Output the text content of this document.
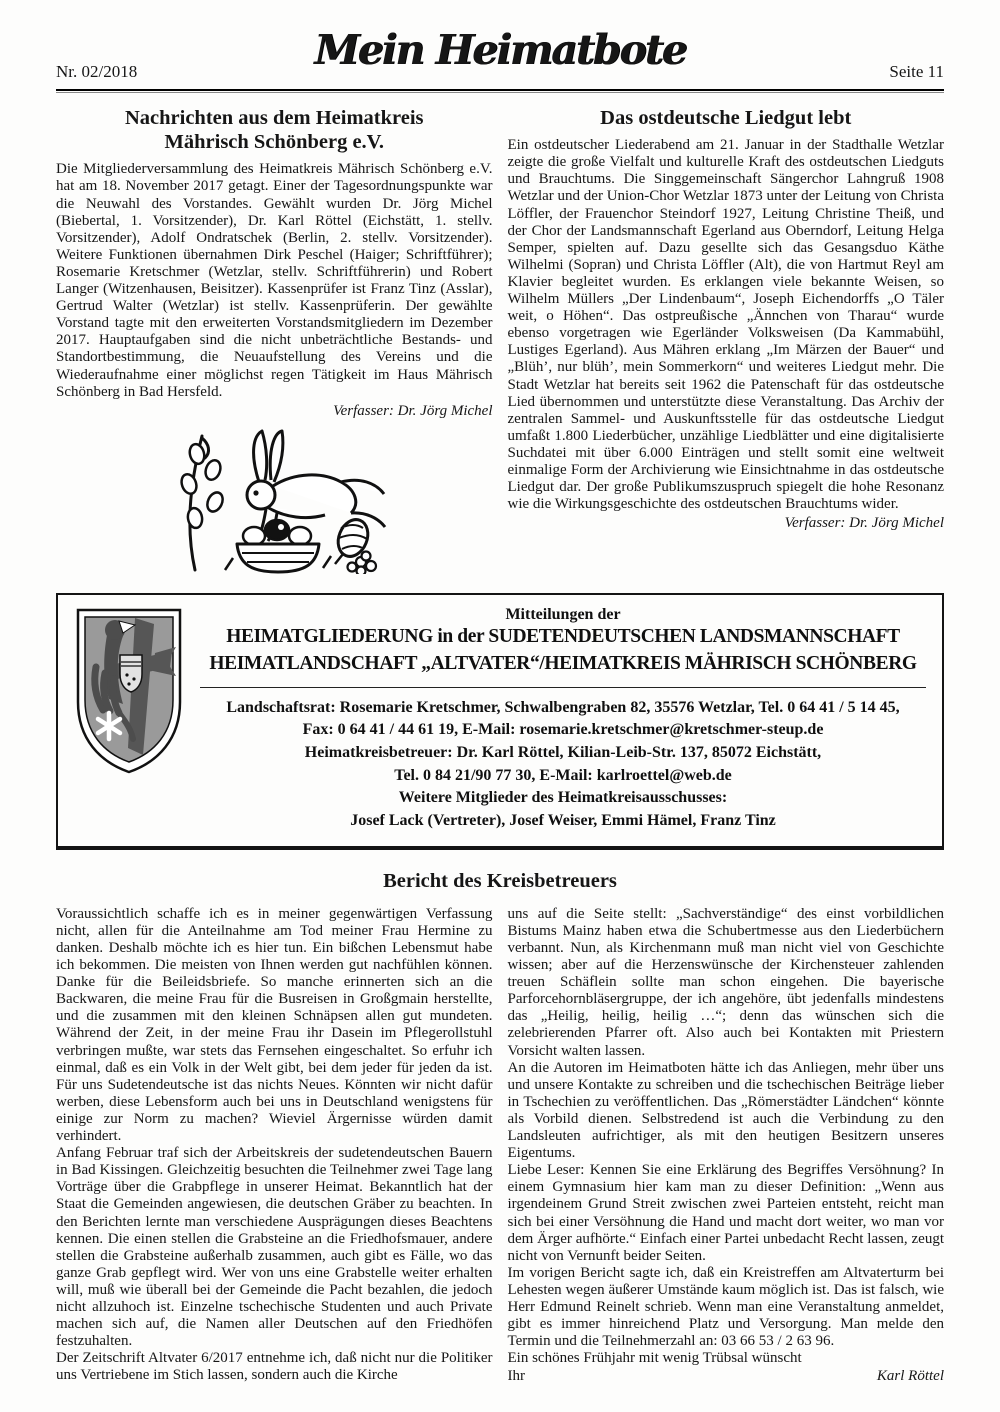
Nr. 02/2018	Mein Heimatbote	Seite 11
Nachrichten aus dem Heimatkreis
Mährisch Schönberg e.V.
Die Mitgliederversammlung des Heimatkreis Mährisch Schönberg e.V. hat am 18. November 2017 getagt. Einer der Tagesordnungspunkte war die Neuwahl des Vorstandes. Gewählt wurden Dr. Jörg Michel (Biebertal, 1. Vorsitzender), Dr. Karl Röttel (Eichstätt, 1. stellv. Vorsitzender), Adolf Ondratschek (Berlin, 2. stellv. Vorsitzender). Weitere Funktionen übernahmen Dirk Peschel (Haiger; Schriftführer); Rosemarie Kretschmer (Wetzlar, stellv. Schriftführerin) und Robert Langer (Witzenhausen, Beisitzer). Kassenprüfer ist Franz Tinz (Asslar), Gertrud Walter (Wetzlar) ist stellv. Kassenprüferin. Der gewählte Vorstand tagte mit den erweiterten Vorstandsmitgliedern im Dezember 2017. Hauptaufgaben sind die nicht unbeträchtliche Bestands- und Standortbestimmung, die Neuaufstellung des Vereins und die Wiederaufnahme einer möglichst regen Tätigkeit im Haus Mährisch Schönberg in Bad Hersfeld.
Verfasser: Dr. Jörg Michel
Das ostdeutsche Liedgut lebt
Ein ostdeutscher Liederabend am 21. Januar in der Stadthalle Wetzlar zeigte die große Vielfalt und kulturelle Kraft des ostdeutschen Liedguts und Brauchtums. Die Singgemeinschaft Sängerchor Lahngruß 1908 Wetzlar und der Union-Chor Wetzlar 1873 unter der Leitung von Christa Löffler, der Frauenchor Steindorf 1927, Leitung Christine Theiß, und der Chor der Landsmannschaft Egerland aus Oberndorf, Leitung Helga Semper, spielten auf. Dazu gesellte sich das Gesangsduo Käthe Wilhelmi (Sopran) und Christa Löffler (Alt), die von Hartmut Reyl am Klavier begleitet wurden. Es erklangen viele bekannte Weisen, so Wilhelm Müllers „Der Lindenbaum“, Joseph Eichendorffs „O Täler weit, o Höhen“. Das ostpreußische „Ännchen von Tharau“ wurde ebenso vorgetragen wie Egerländer Volksweisen (Da Kammabühl, Lustiges Egerland). Aus Mähren erklang „Im Märzen der Bauer“ und „Blüh’, nur blüh’, mein Sommerkorn“ und weiteres Liedgut mehr. Die Stadt Wetzlar hat bereits seit 1962 die Patenschaft für das ostdeutsche Lied übernommen und unterstützte diese Veranstaltung. Das Archiv der zentralen Sammel- und Auskunftsstelle für das ostdeutsche Liedgut umfaßt 1.800 Liederbücher, unzählige Liedblätter und eine digitalisierte Suchdatei mit über 6.000 Einträgen und stellt somit eine weltweit einmalige Form der Archivierung wie Einsichtnahme in das ostdeutsche Liedgut dar. Der große Publikumszuspruch spiegelt die hohe Resonanz wie die Wirkungsgeschichte des ostdeutschen Brauchtums wider.
Verfasser: Dr. Jörg Michel
Mitteilungen der
HEIMATGLIEDERUNG in der SUDETENDEUTSCHEN LANDSMANNSCHAFT
HEIMATLANDSCHAFT „ALTVATER“/HEIMATKREIS MÄHRISCH SCHÖNBERG
Landschaftsrat: Rosemarie Kretschmer, Schwalbengraben 82, 35576 Wetzlar, Tel. 0 64 41 / 5 14 45,
Fax: 0 64 41 / 44 61 19, E-Mail: rosemarie.kretschmer@kretschmer-steup.de
Heimatkreisbetreuer: Dr. Karl Röttel, Kilian-Leib-Str. 137, 85072 Eichstätt,
Tel. 0 84 21/90 77 30, E-Mail: karlroettel@web.de
Weitere Mitglieder des Heimatkreisausschusses:
Josef Lack (Vertreter), Josef Weiser, Emmi Hämel, Franz Tinz
Bericht des Kreisbetreuers

Voraussichtlich schaffe ich es in meiner gegenwärtigen Verfassung nicht, allen für die Anteilnahme am Tod meiner Frau Hermine zu danken. Deshalb möchte ich es hier tun. Ein bißchen Lebensmut habe ich bekommen. Die meisten von Ihnen werden gut nachfühlen können. Danke für die Beileidsbriefe. So manche erinnerten sich an die Backwaren, die meine Frau für die Busreisen in Großgmain herstellte, und die zusammen mit den kleinen Schnäpsen allen gut mundeten. Während der Zeit, in der meine Frau ihr Dasein im Pflegerollstuhl verbringen mußte, war stets das Fernsehen eingeschaltet. So erfuhr ich einmal, daß es ein Volk in der Welt gibt, bei dem jeder für jeden da ist. Für uns Sudetendeutsche ist das nichts Neues. Könnten wir nicht dafür werben, diese Lebensform auch bei uns in Deutschland wenigstens für einige zur Norm zu machen? Wieviel Ärgernisse würden damit verhindert.

Anfang Februar traf sich der Arbeitskreis der sudetendeutschen Bauern in Bad Kissingen. Gleichzeitig besuchten die Teilnehmer zwei Tage lang Vorträge über die Grabpflege in unserer Heimat. Bekanntlich hat der Staat die Gemeinden angewiesen, die deutschen Gräber zu beachten. In den Berichten lernte man verschiedene Ausprägungen dieses Beachtens kennen. Die einen stellen die Grabsteine an die Friedhofsmauer, andere stellen die Grabsteine außerhalb zusammen, auch gibt es Fälle, wo das ganze Grab gepflegt wird. Wer von uns eine Grabstelle weiter erhalten will, muß wie überall bei der Gemeinde die Pacht bezahlen, die jedoch nicht allzuhoch ist. Einzelne tschechische Studenten und auch Private machen sich auf, die Namen aller Deutschen auf den Friedhöfen festzuhalten.

Der Zeitschrift Altvater 6/2017 entnehme ich, daß nicht nur die Politiker uns Vertriebene im Stich lassen, sondern auch die Kirche

uns auf die Seite stellt: „Sachverständige“ des einst vorbildlichen Bistums Mainz haben etwa die Schubertmesse aus den Liederbüchern verbannt. Nun, als Kirchenmann muß man nicht viel von Geschichte wissen; aber auf die Herzenswünsche der Kirchensteuer zahlenden treuen Schäflein sollte man schon eingehen. Die bayerische Parforcehornbläsergruppe, der ich angehöre, übt jedenfalls mindestens das „Heilig, heilig, heilig …“; denn das wünschen sich die zelebrierenden Pfarrer oft. Also auch bei Kontakten mit Priestern Vorsicht walten lassen.

An die Autoren im Heimatboten hätte ich das Anliegen, mehr über uns und unsere Kontakte zu schreiben und die tschechischen Beiträge lieber in Tschechien zu veröffentlichen. Das „Römerstädter Ländchen“ könnte als Vorbild dienen. Selbstredend ist auch die Verbindung zu den Landsleuten aufrichtiger, als mit den heutigen Besitzern unseres Eigentums.

Liebe Leser: Kennen Sie eine Erklärung des Begriffes Versöhnung? In einem Gymnasium hier kam man zu dieser Definition: „Wenn aus irgendeinem Grund Streit zwischen zwei Parteien entsteht, reicht man sich bei einer Versöhnung die Hand und macht dort weiter, wo man vor dem Ärger aufhörte.“ Einfach einer Partei unbedacht Recht lassen, zeugt nicht von Vernunft beider Seiten.

Im vorigen Bericht sagte ich, daß ein Kreistreffen am Altvaterturm bei Lehesten wegen äußerer Umstände kaum möglich ist. Das ist falsch, wie Herr Edmund Reinelt schrieb. Wenn man eine Veranstaltung anmeldet, gibt es immer hinreichend Platz und Versorgung. Man melde den Termin und die Teilnehmerzahl an: 03 66 53 / 2 63 96.

Ein schönes Frühjahr mit wenig Trübsal wünscht

Ihr	Karl Röttel
